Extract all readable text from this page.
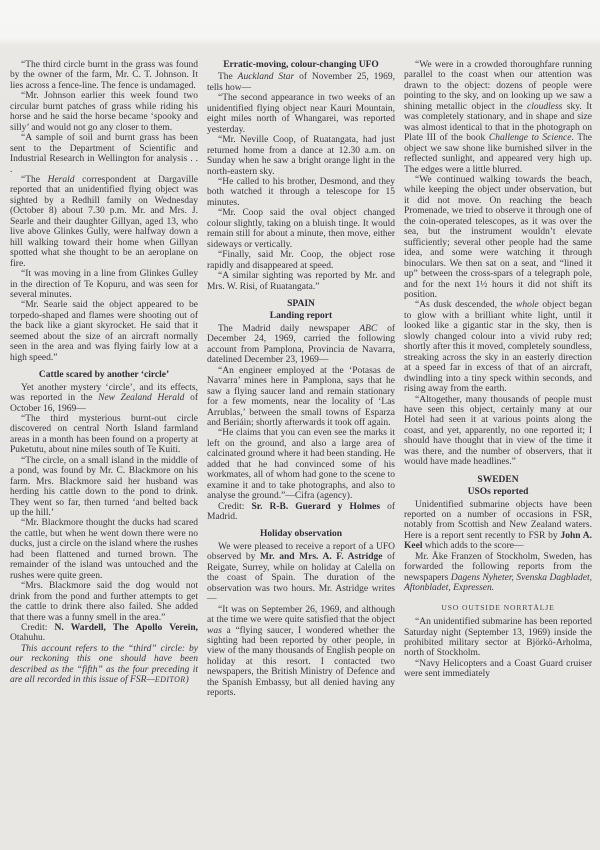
“The third circle burnt in the grass was found by the owner of the farm, Mr. C. T. Johnson. It lies across a fence-line. The fence is undamaged.

“Mr. Johnson earlier this week found two circular burnt patches of grass while riding his horse and he said the horse became ‘spooky and silly’ and would not go any closer to them.

“A sample of soil and burnt grass has been sent to the Department of Scientific and Industrial Research in Wellington for analysis . . .

“The Herald correspondent at Dargaville reported that an unidentified flying object was sighted by a Redhill family on Wednesday (October 8) about 7.30 p.m. Mr. and Mrs. J. Searle and their daughter Gillyan, aged 13, who live above Glinkes Gully, were halfway down a hill walking toward their home when Gillyan spotted what she thought to be an aeroplane on fire.

“It was moving in a line from Glinkes Gulley in the direction of Te Kopuru, and was seen for several minutes.

“Mr. Searle said the object appeared to be torpedo-shaped and flames were shooting out of the back like a giant skyrocket. He said that it seemed about the size of an aircraft normally seen in the area and was flying fairly low at a high speed.”

Cattle scared by another ‘circle’

Yet another mystery ‘circle’, and its effects, was reported in the New Zealand Herald of October 16, 1969—

“The third mysterious burnt-out circle discovered on central North Island farmland areas in a month has been found on a property at Puketutu, about nine miles south of Te Kuiti.

“The circle, on a small island in the middle of a pond, was found by Mr. C. Blackmore on his farm. Mrs. Blackmore said her husband was herding his cattle down to the pond to drink. They went so far, then turned ‘and belted back up the hill.’

“Mr. Blackmore thought the ducks had scared the cattle, but when he went down there were no ducks, just a circle on the island where the rushes had been flattened and turned brown. The remainder of the island was untouched and the rushes were quite green.

“Mrs. Blackmore said the dog would not drink from the pond and further attempts to get the cattle to drink there also failed. She added that there was a funny smell in the area.”

Credit: N. Wardell, The Apollo Verein, Otahuhu.

This account refers to the “third” circle: by our reckoning this one should have been described as the “fifth” as the four preceding it are all recorded in this issue of FSR—EDITOR)

Erratic-moving, colour-changing UFO

The Auckland Star of November 25, 1969, tells how—

“The second appearance in two weeks of an unidentified flying object near Kauri Mountain, eight miles north of Whangarei, was reported yesterday.

“Mr. Neville Coop, of Ruatangata, had just returned home from a dance at 12.30 a.m. on Sunday when he saw a bright orange light in the north-eastern sky.

“He called to his brother, Desmond, and they both watched it through a telescope for 15 minutes.

“Mr. Coop said the oval object changed colour slightly, taking on a bluish tinge. It would remain still for about a minute, then move, either sideways or vertically.

“Finally, said Mr. Coop, the object rose rapidly and disappeared at speed.

“A similar sighting was reported by Mr. and Mrs. W. Risi, of Ruatangata.”

SPAIN

Landing report

The Madrid daily newspaper ABC of December 24, 1969, carried the following account from Pamplona, Provincia de Navarra, datelined December 23, 1969—

“An engineer employed at the ‘Potasas de Navarra’ mines here in Pamplona, says that he saw a flying saucer land and remain stationary for a few moments, near the locality of ‘Las Arrublas,’ between the small towns of Esparza and Beriáin; shortly afterwards it took off again.

“He claims that you can even see the marks it left on the ground, and also a large area of calcinated ground where it had been standing. He added that he had convinced some of his workmates, all of whom had gone to the scene to examine it and to take photographs, and also to analyse the ground.”—Cifra (agency).

Credit: Sr. R-B. Guerard y Holmes of Madrid.

Holiday observation

We were pleased to receive a report of a UFO observed by Mr. and Mrs. A. F. Astridge of Reigate, Surrey, while on holiday at Calella on the coast of Spain. The duration of the observation was two hours. Mr. Astridge writes—

“It was on September 26, 1969, and although at the time we were quite satisfied that the object was a “flying saucer, I wondered whether the sighting had been reported by other people, in view of the many thousands of English people on holiday at this resort. I contacted two newspapers, the British Ministry of Defence and the Spanish Embassy, but all denied having any reports.

“We were in a crowded thoroughfare running parallel to the coast when our attention was drawn to the object: dozens of people were pointing to the sky, and on looking up we saw a shining metallic object in the cloudless sky. It was completely stationary, and in shape and size was almost identical to that in the photograph on Plate III of the book Challenge to Science. The object we saw shone like burnished silver in the reflected sunlight, and appeared very high up. The edges were a little blurred.

“We continued walking towards the beach, while keeping the object under observation, but it did not move. On reaching the beach Promenade, we tried to observe it through one of the coin-operated telescopes, as it was over the sea, but the instrument wouldn’t elevate sufficiently; several other people had the same idea, and some were watching it through binoculars. We then sat on a seat, and “lined it up” between the cross-spars of a telegraph pole, and for the next 1½ hours it did not shift its position.

“As dusk descended, the whole object began to glow with a brilliant white light, until it looked like a gigantic star in the sky, then is slowly changed colour into a vivid ruby red; shortly after this it moved, completely soundless, streaking across the sky in an easterly direction at a speed far in excess of that of an aircraft, dwindling into a tiny speck within seconds, and rising away from the earth.

“Altogether, many thousands of people must have seen this object, certainly many at our Hotel had seen it at various points along the coast, and yet, apparently, no one reported it; I should have thought that in view of the time it was there, and the number of observers, that it would have made headlines.”

SWEDEN

USOs reported

Unidentified submarine objects have been reported on a number of occasions in FSR, notably from Scottish and New Zealand waters. Here is a report sent recently to FSR by John A. Keel which adds to the score—

Mr. Åke Franzen of Stockholm, Sweden, has forwarded the following reports from the newspapers Dagens Nyheter, Svenska Dagbladet, Aftonbladet, Expressen.

USO OUTSIDE NORRTÄLJE

“An unidentified submarine has been reported Saturday night (September 13, 1969) inside the prohibited military sector at Björkö-Arholma, north of Stockholm.

“Navy Helicopters and a Coast Guard cruiser were sent immediately
